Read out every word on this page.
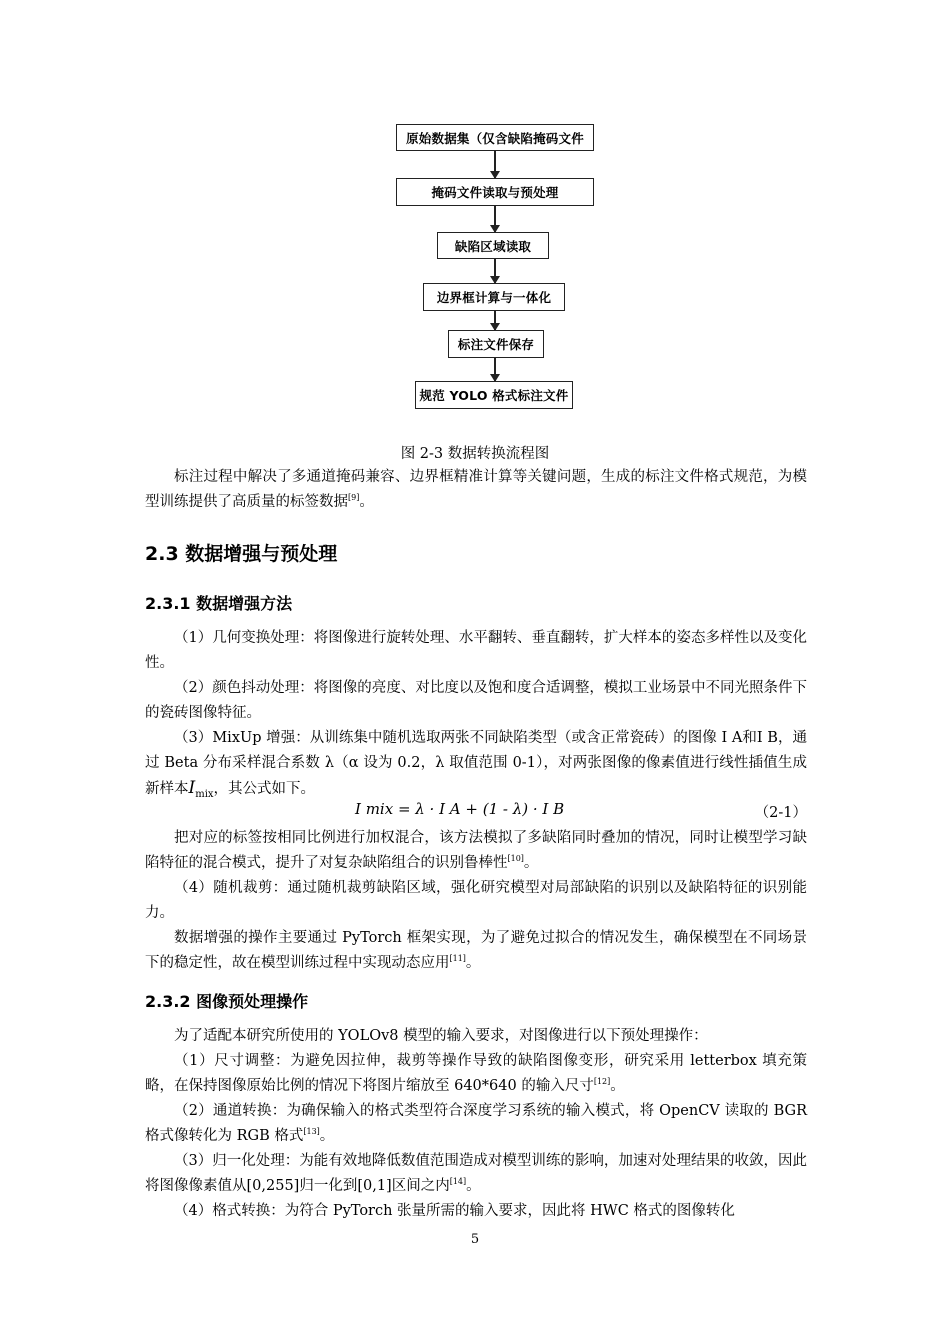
原始数据集（仅含缺陷掩码文件
掩码文件读取与预处理
缺陷区域读取
边界框计算与一体化
标注文件保存
规范 YOLO 格式标注文件
图 2-3 数据转换流程图

标注过程中解决了多通道掩码兼容、边界框精准计算等关键问题，生成的标注文件格式规范，为模型训练提供了高质量的标签数据[9]。

2.3 数据增强与预处理
2.3.1 数据增强方法

（1）几何变换处理：将图像进行旋转处理、水平翻转、垂直翻转，扩大样本的姿态多样性以及变化性。

（2）颜色抖动处理：将图像的亮度、对比度以及饱和度合适调整，模拟工业场景中不同光照条件下的瓷砖图像特征。

（3）MixUp 增强：从训练集中随机选取两张不同缺陷类型（或含正常瓷砖）的图像 I A和I B，通过 Beta 分布采样混合系数 λ（α 设为 0.2，λ 取值范围 0-1），对两张图像的像素值进行线性插值生成新样本$I_{mix}$，其公式如下。

I mix = λ · I A + (1 - λ) · I B	（2-1）

把对应的标签按相同比例进行加权混合，该方法模拟了多缺陷同时叠加的情况，同时让模型学习缺陷特征的混合模式，提升了对复杂缺陷组合的识别鲁棒性[10]。

（4）随机裁剪：通过随机裁剪缺陷区域，强化研究模型对局部缺陷的识别以及缺陷特征的识别能力。

数据增强的操作主要通过 PyTorch 框架实现，为了避免过拟合的情况发生，确保模型在不同场景下的稳定性，故在模型训练过程中实现动态应用[11]。

2.3.2 图像预处理操作

为了适配本研究所使用的 YOLOv8 模型的输入要求，对图像进行以下预处理操作：

（1）尺寸调整：为避免因拉伸，裁剪等操作导致的缺陷图像变形，研究采用 letterbox 填充策略，在保持图像原始比例的情况下将图片缩放至 640*640 的输入尺寸[12]。

（2）通道转换：为确保输入的格式类型符合深度学习系统的输入模式，将 OpenCV 读取的 BGR 格式像转化为 RGB 格式[13]。

（3）归一化处理：为能有效地降低数值范围造成对模型训练的影响，加速对处理结果的收敛，因此将图像像素值从[0,255]归一化到[0,1]区间之内[14]。

（4）格式转换：为符合 PyTorch 张量所需的输入要求，因此将 HWC 格式的图像转化

5
